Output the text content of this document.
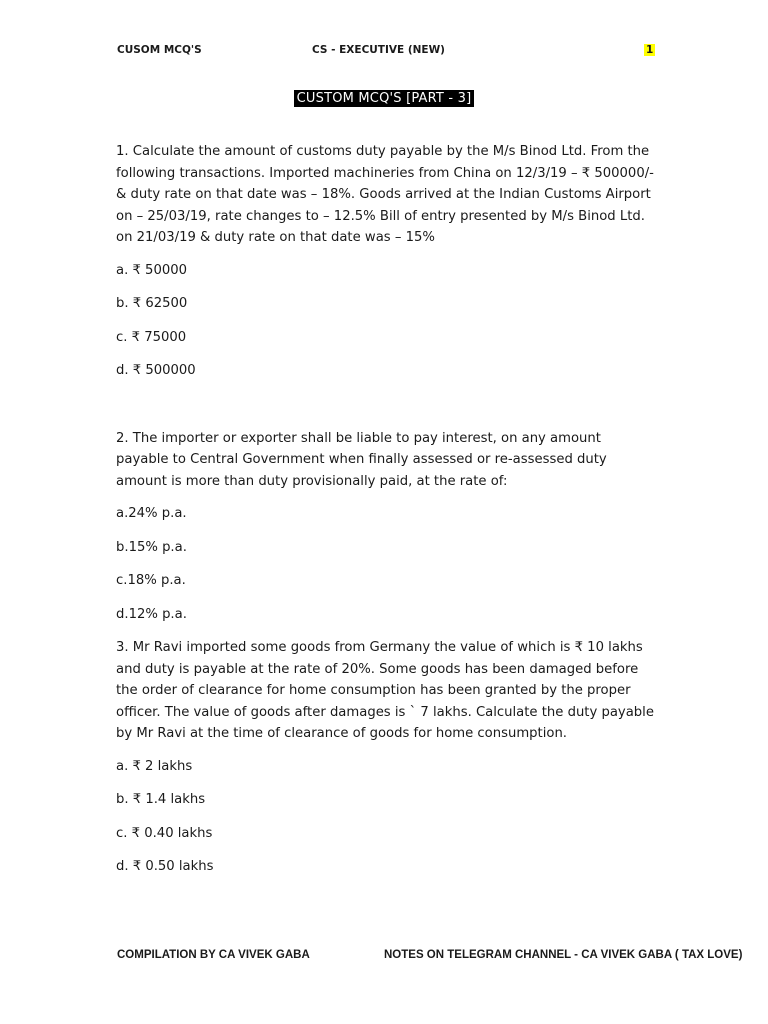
CUSOM MCQ'S	CS - EXECUTIVE (NEW)	1
CUSTOM MCQ'S [PART - 3]

1. Calculate the amount of customs duty payable by the M/s Binod Ltd. From the following transactions. Imported machineries from China on 12/3/19 – ₹ 500000/- & duty rate on that date was – 18%. Goods arrived at the Indian Customs Airport on – 25/03/19, rate changes to – 12.5% Bill of entry presented by M/s Binod Ltd. on 21/03/19 & duty rate on that date was – 15%

a. ₹ 50000

b. ₹ 62500

c. ₹ 75000

d. ₹ 500000

2. The importer or exporter shall be liable to pay interest, on any amount payable to Central Government when finally assessed or re-assessed duty amount is more than duty provisionally paid, at the rate of:

a.24% p.a.

b.15% p.a.

c.18% p.a.

d.12% p.a.

3. Mr Ravi imported some goods from Germany the value of which is ₹ 10 lakhs and duty is payable at the rate of 20%. Some goods has been damaged before the order of clearance for home consumption has been granted by the proper officer. The value of goods after damages is ` 7 lakhs. Calculate the duty payable by Mr Ravi at the time of clearance of goods for home consumption.

a. ₹ 2 lakhs

b. ₹ 1.4 lakhs

c. ₹ 0.40 lakhs

d. ₹ 0.50 lakhs

COMPILATION BY CA VIVEK GABA	NOTES ON TELEGRAM CHANNEL - CA VIVEK GABA ( TAX LOVE)
